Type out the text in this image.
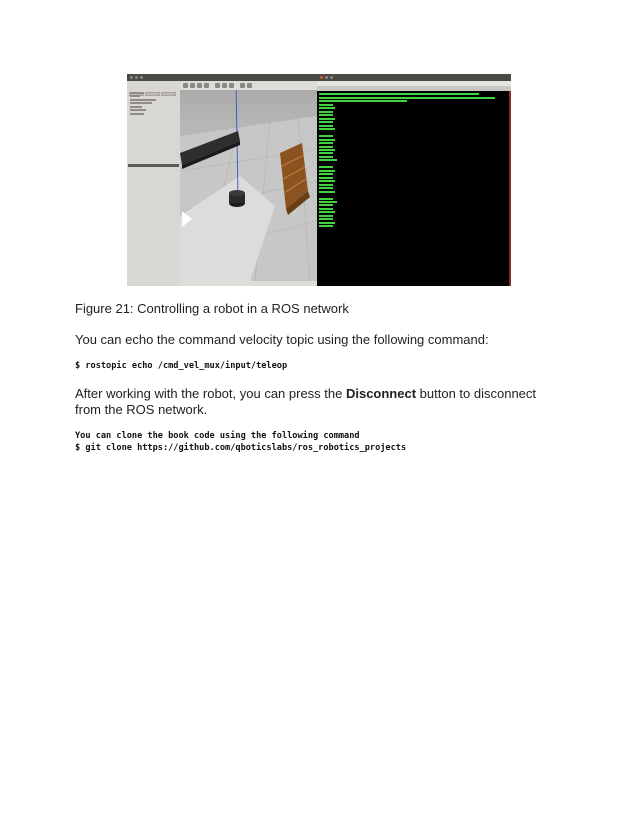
Figure 21: Controlling a robot in a ROS network
You can echo the command velocity topic using the following command:
$ rostopic echo /cmd_vel_mux/input/teleop
After working with the robot, you can press the Disconnect button to disconnect from the ROS network.
You can clone the book code using the following command
$ git clone https://github.com/qboticslabs/ros_robotics_projects
